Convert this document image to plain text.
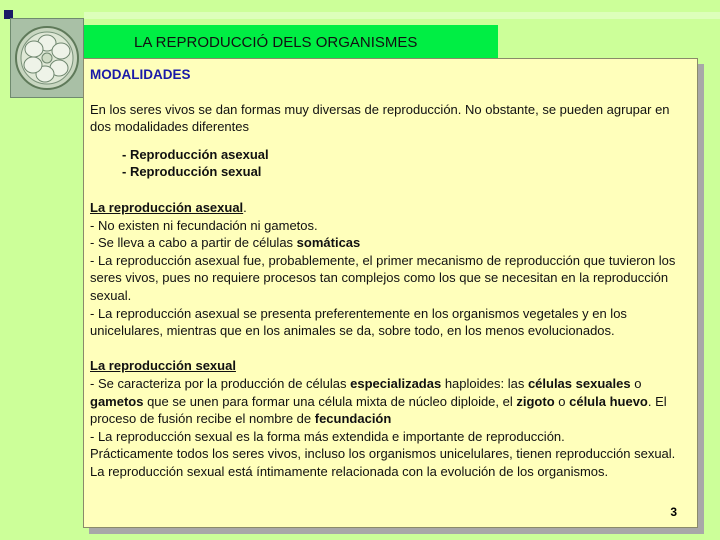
LA REPRODUCCIÓ DELS ORGANISMES
3
MODALIDADES

En los seres vivos se dan formas muy diversas de reproducción. No obstante, se pueden agrupar en dos modalidades diferentes

- Reproducción asexual
- Reproducción sexual
La reproducción asexual.
- No existen ni fecundación ni gametos.
- Se lleva a cabo a partir de células somáticas
- La reproducción asexual fue, probablemente, el primer mecanismo de reproducción que tuvieron los seres vivos, pues no requiere procesos tan complejos como los que se necesitan en la reproducción sexual.
- La reproducción asexual se presenta preferentemente en los organismos vegetales y en los unicelulares, mientras que en los animales se da, sobre todo, en los menos evolucionados.
La reproducción sexual
- Se caracteriza por la producción de células especializadas haploides: las células sexuales o gametos que se unen para formar una célula mixta de núcleo diploide, el zigoto o célula huevo. El proceso de fusión recibe el nombre de fecundación
- La reproducción sexual es la forma más extendida e importante de reproducción.
Prácticamente todos los seres vivos, incluso los organismos unicelulares, tienen reproducción sexual. La reproducción sexual está íntimamente relacionada con la evolución de los organismos.
